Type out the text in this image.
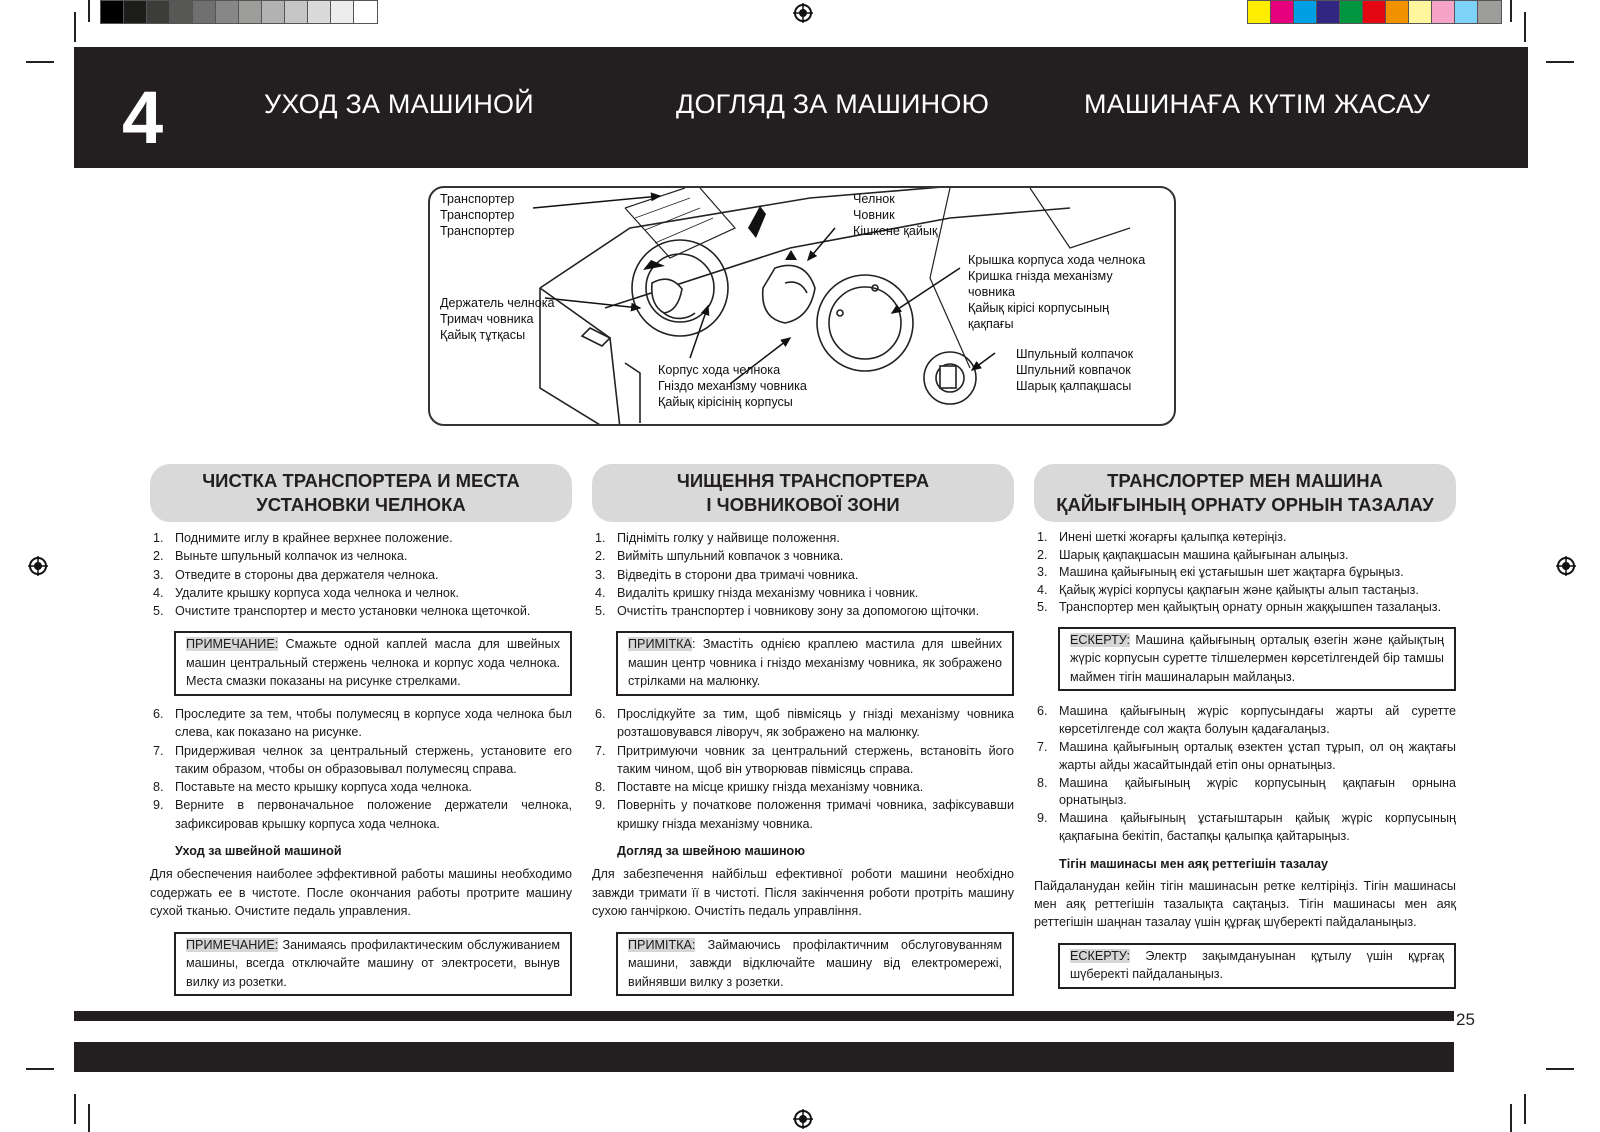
4	УХОД ЗА МАШИНОЙ	ДОГЛЯД ЗА МАШИНОЮ	МАШИНАҒА КҮТІМ ЖАСАУ
Транспортер
Транспортер
Транспортер
Челнок
Човник
Кішкене қайық
Крышка корпуса хода челнока
Кришка гнізда механізму
човника
Қайық кірісі корпусының
қақпағы
Держатель челнока
Тримач човника
Қайық тұтқасы
Шпульный колпачок
Шпульний ковпачок
Шарық қалпақшасы
Корпус хода челнока
Гніздо механізму човника
Қайық кірісінің корпусы
ЧИСТКА ТРАНСПОРТЕРА И МЕСТА
УСТАНОВКИ ЧЕЛНОКА
1. Поднимите иглу в крайнее верхнее положение.
2. Выньте шпульный колпачок из челнока.
3. Отведите в стороны два держателя челнока.
4. Удалите крышку корпуса хода челнока и челнок.
5. Очистите транспортер и место установки челнока щеточкой.
ПРИМЕЧАНИЕ: Смажьте одной каплей масла для швейных машин центральный стержень челнока и корпус хода челнока. Места смазки показаны на рисунке стрелками.
6. Проследите за тем, чтобы полумесяц в корпусе хода челнока был слева, как показано на рисунке.
7. Придерживая челнок за центральный стержень, установите его таким образом, чтобы он образовывал полумесяц справа.
8. Поставьте на место крышку корпуса хода челнока.
9. Верните в первоначальное положение держатели челнока, зафиксировав крышку корпуса хода челнока.
Уход за швейной машиной
Для обеспечения наиболее эффективной работы машины необходимо содержать ее в чистоте. После окончания работы протрите машину сухой тканью. Очистите педаль управления.
ПРИМЕЧАНИЕ: Занимаясь профилактическим обслуживанием машины, всегда отключайте машину от электросети, вынув вилку из розетки.
ЧИЩЕННЯ ТРАНСПОРТЕРА
І ЧОВНИКОВОЇ ЗОНИ
1. Підніміть голку у найвище положення.
2. Вийміть шпульний ковпачок з човника.
3. Відведіть в сторони два тримачі човника.
4. Видаліть кришку гнізда механізму човника і човник.
5. Очистіть транспортер і човникову зону за допомогою щіточки.
ПРИМІТКА: Змастіть однією краплею мастила для швейних машин центр човника і гніздо механізму човника, як зображено стрілками на малюнку.
6. Прослідкуйте за тим, щоб півмісяць у гнізді механізму човника розташовувався ліворуч, як зображено на малюнку.
7. Притримуючи човник за центральний стержень, встановіть його таким чином, щоб він утворював півмісяць справа.
8. Поставте на місце кришку гнізда механізму човника.
9. Поверніть у початкове положення тримачі човника, зафіксувавши кришку гнізда механізму човника.
Догляд за швейною машиною
Для забезпечення найбільш ефективної роботи машини необхідно завжди тримати її в чистоті. Після закінчення роботи протріть машину сухою ганчіркою. Очистіть педаль управління.
ПРИМІТКА: Займаючись профілактичним обслуговуванням машини, завжди відключайте машину від електромережі, вийнявши вилку з розетки.
ТРАНСЛОРТЕР МЕН МАШИНА
ҚАЙЫҒЫНЫҢ ОРНАТУ ОРНЫН ТАЗАЛАУ
1. Инені шеткі жоғарғы қалыпқа көтеріңіз.
2. Шарық қақпақшасын машина қайығынан алыңыз.
3. Машина қайығының екі ұстағышын шет жақтарға бұрыңыз.
4. Қайық жүрісі корпусы қақпағын және қайықты алып тастаңыз.
5. Транспортер мен қайықтың орнату орнын жаққышпен тазалаңыз.
ЕСКЕРТУ: Машина қайығының орталық өзегін және қайықтың жүріс корпусын суретте тілшелермен көрсетілгендей бір тамшы маймен тігін машиналарын майлаңыз.
6. Машина қайығының жүріс корпусындағы жарты ай суретте көрсетілгенде сол жақта болуын қадағалаңыз.
7. Машина қайығының орталық өзектен ұстап тұрып, ол оң жақтағы жарты айды жасайтындай етіп оны орнатыңыз.
8. Машина қайығының жүріс корпусының қақпағын орнына орнатыңыз.
9. Машина қайығының ұстағыштарын қайық жүріс корпусының қақпағына бекітіп, бастапқы қалыпқа қайтарыңыз.
Тігін машинасы мен аяқ реттегішін тазалау
Пайдаланудан кейін тігін машинасын ретке келтіріңіз. Тігін машинасы мен аяқ реттегішін тазалықта сақтаңыз. Тігін машинасы мен аяқ реттегішін шаңнан тазалау үшін құрғақ шүберекті пайдаланыңыз.
ЕСКЕРТУ: Электр зақымдануынан құтылу үшін құрғақ шүберекті пайдаланыңыз.
25
